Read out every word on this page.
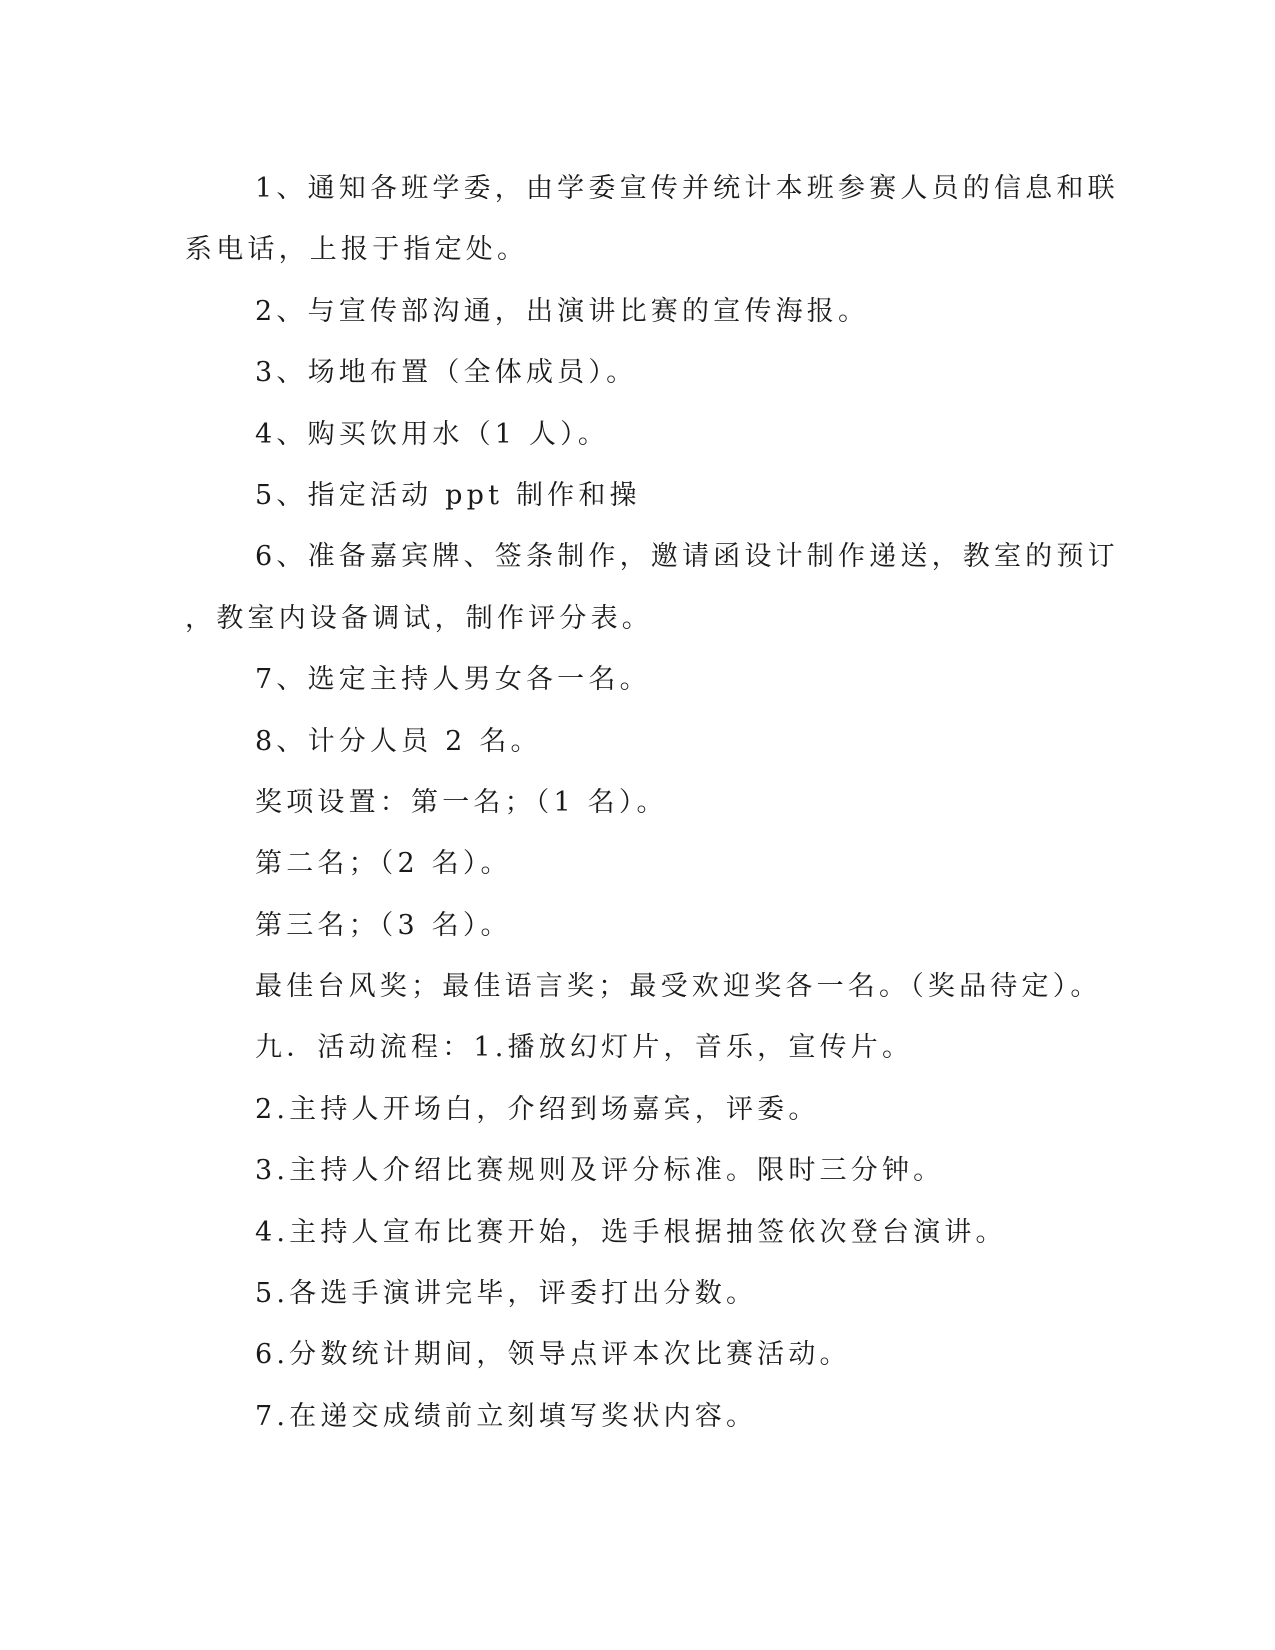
1、通知各班学委，由学委宣传并统计本班参赛人员的信息和联
系电话，上报于指定处。
2、与宣传部沟通，出演讲比赛的宣传海报。
3、场地布置（全体成员）。
4、购买饮用水（1 人）。
5、指定活动 ppt 制作和操
6、准备嘉宾牌、签条制作，邀请函设计制作递送，教室的预订
，教室内设备调试，制作评分表。
7、选定主持人男女各一名。
8、计分人员 2 名。
奖项设置：第一名；（1 名）。
第二名；（2 名）。
第三名；（3 名）。
最佳台风奖；最佳语言奖；最受欢迎奖各一名。（奖品待定）。
九．活动流程：1.播放幻灯片，音乐，宣传片。
2.主持人开场白，介绍到场嘉宾，评委。
3.主持人介绍比赛规则及评分标准。限时三分钟。
4.主持人宣布比赛开始，选手根据抽签依次登台演讲。
5.各选手演讲完毕，评委打出分数。
6.分数统计期间，领导点评本次比赛活动。
7.在递交成绩前立刻填写奖状内容。
